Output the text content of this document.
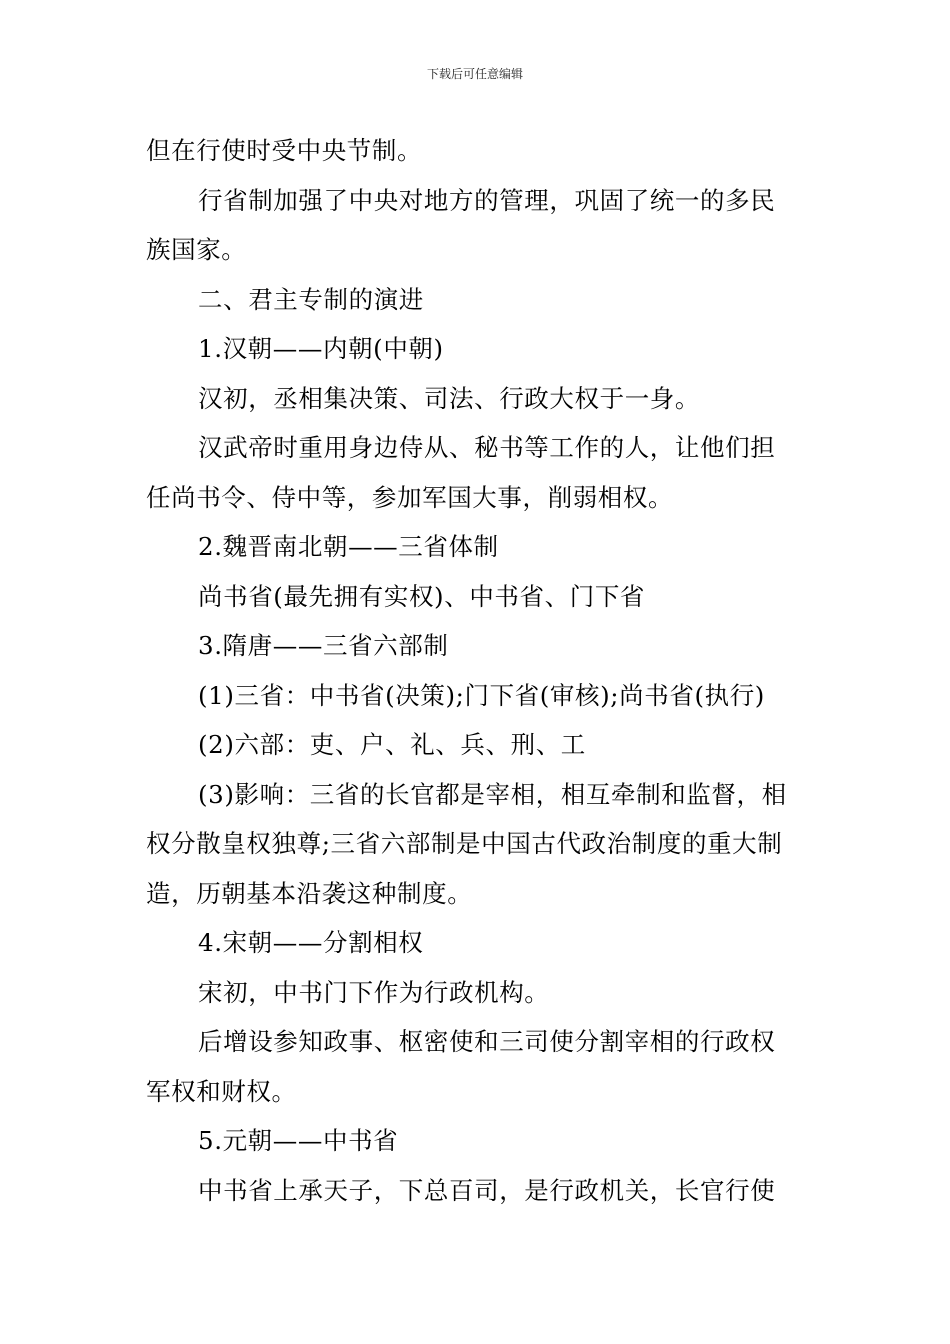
下载后可任意编辑

但在行使时受中央节制。

行省制加强了中央对地方的管理，巩固了统一的多民

族国家。

二、君主专制的演进

1.汉朝——内朝(中朝)

汉初，丞相集决策、司法、行政大权于一身。

汉武帝时重用身边侍从、秘书等工作的人，让他们担

任尚书令、侍中等，参加军国大事，削弱相权。

2.魏晋南北朝——三省体制

尚书省(最先拥有实权)、中书省、门下省

3.隋唐——三省六部制

(1)三省：中书省(决策);门下省(审核);尚书省(执行)

(2)六部：吏、户、礼、兵、刑、工

(3)影响：三省的长官都是宰相，相互牵制和监督，相

权分散皇权独尊;三省六部制是中国古代政治制度的重大制

造，历朝基本沿袭这种制度。

4.宋朝——分割相权

宋初，中书门下作为行政机构。

后增设参知政事、枢密使和三司使分割宰相的行政权

军权和财权。

5.元朝——中书省

中书省上承天子，下总百司，是行政机关，长官行使
